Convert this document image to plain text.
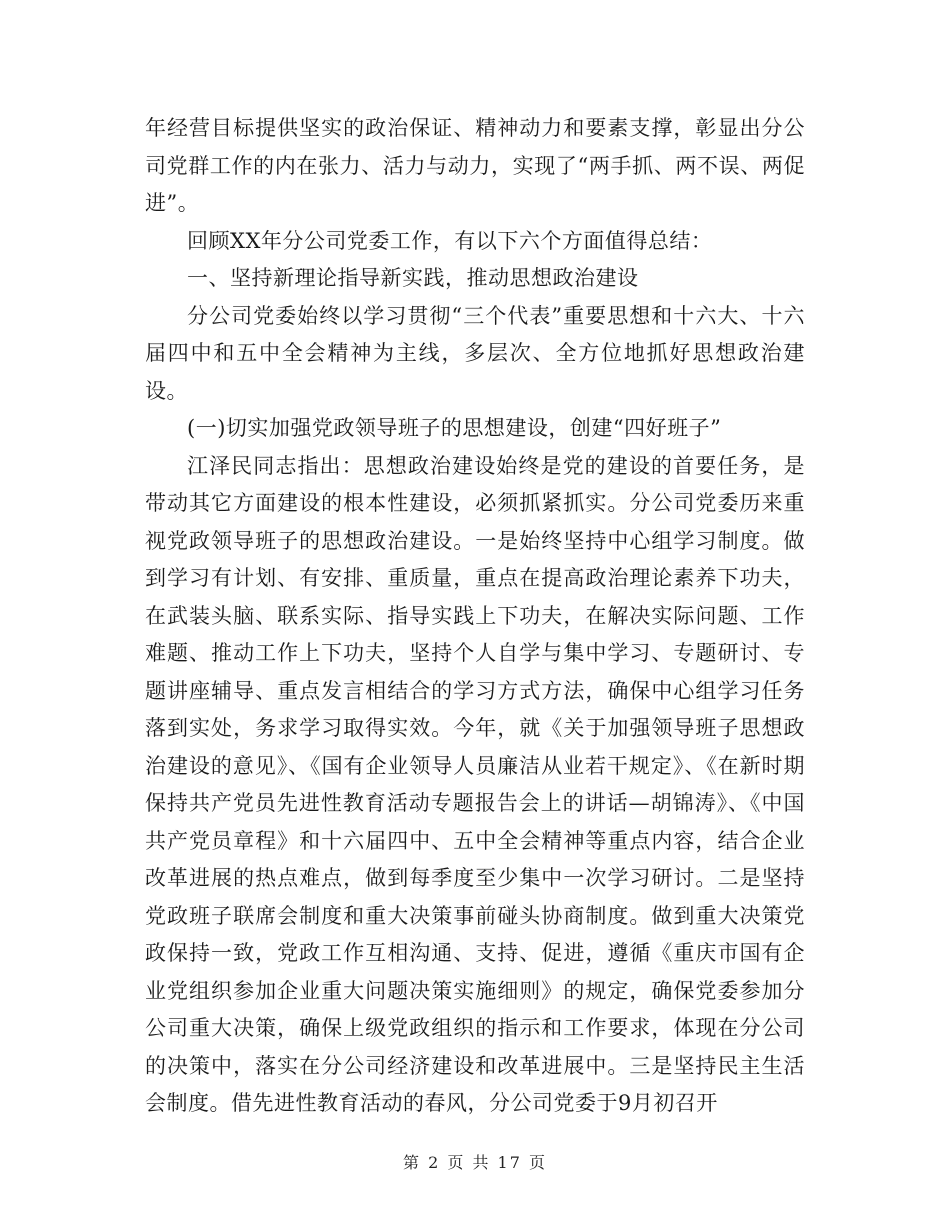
年经营目标提供坚实的政治保证、精神动力和要素支撑，彰显出分公司党群工作的内在张力、活力与动力，实现了“两手抓、两不误、两促进”。

回顾XX年分公司党委工作，有以下六个方面值得总结：

一、坚持新理论指导新实践，推动思想政治建设

分公司党委始终以学习贯彻“三个代表”重要思想和十六大、十六届四中和五中全会精神为主线，多层次、全方位地抓好思想政治建设。

(一)切实加强党政领导班子的思想建设，创建“四好班子”

江泽民同志指出：思想政治建设始终是党的建设的首要任务，是带动其它方面建设的根本性建设，必须抓紧抓实。分公司党委历来重视党政领导班子的思想政治建设。一是始终坚持中心组学习制度。做到学习有计划、有安排、重质量，重点在提高政治理论素养下功夫，在武装头脑、联系实际、指导实践上下功夫，在解决实际问题、工作难题、推动工作上下功夫，坚持个人自学与集中学习、专题研讨、专题讲座辅导、重点发言相结合的学习方式方法，确保中心组学习任务落到实处，务求学习取得实效。今年，就《关于加强领导班子思想政治建设的意见》、《国有企业领导人员廉洁从业若干规定》、《在新时期保持共产党员先进性教育活动专题报告会上的讲话—胡锦涛》、《中国共产党员章程》和十六届四中、五中全会精神等重点内容，结合企业改革进展的热点难点，做到每季度至少集中一次学习研讨。二是坚持党政班子联席会制度和重大决策事前碰头协商制度。做到重大决策党政保持一致，党政工作互相沟通、支持、促进，遵循《重庆市国有企业党组织参加企业重大问题决策实施细则》的规定，确保党委参加分公司重大决策，确保上级党政组织的指示和工作要求，体现在分公司的决策中，落实在分公司经济建设和改革进展中。三是坚持民主生活会制度。借先进性教育活动的春风，分公司党委于9月初召开

第 2 页 共 17 页
